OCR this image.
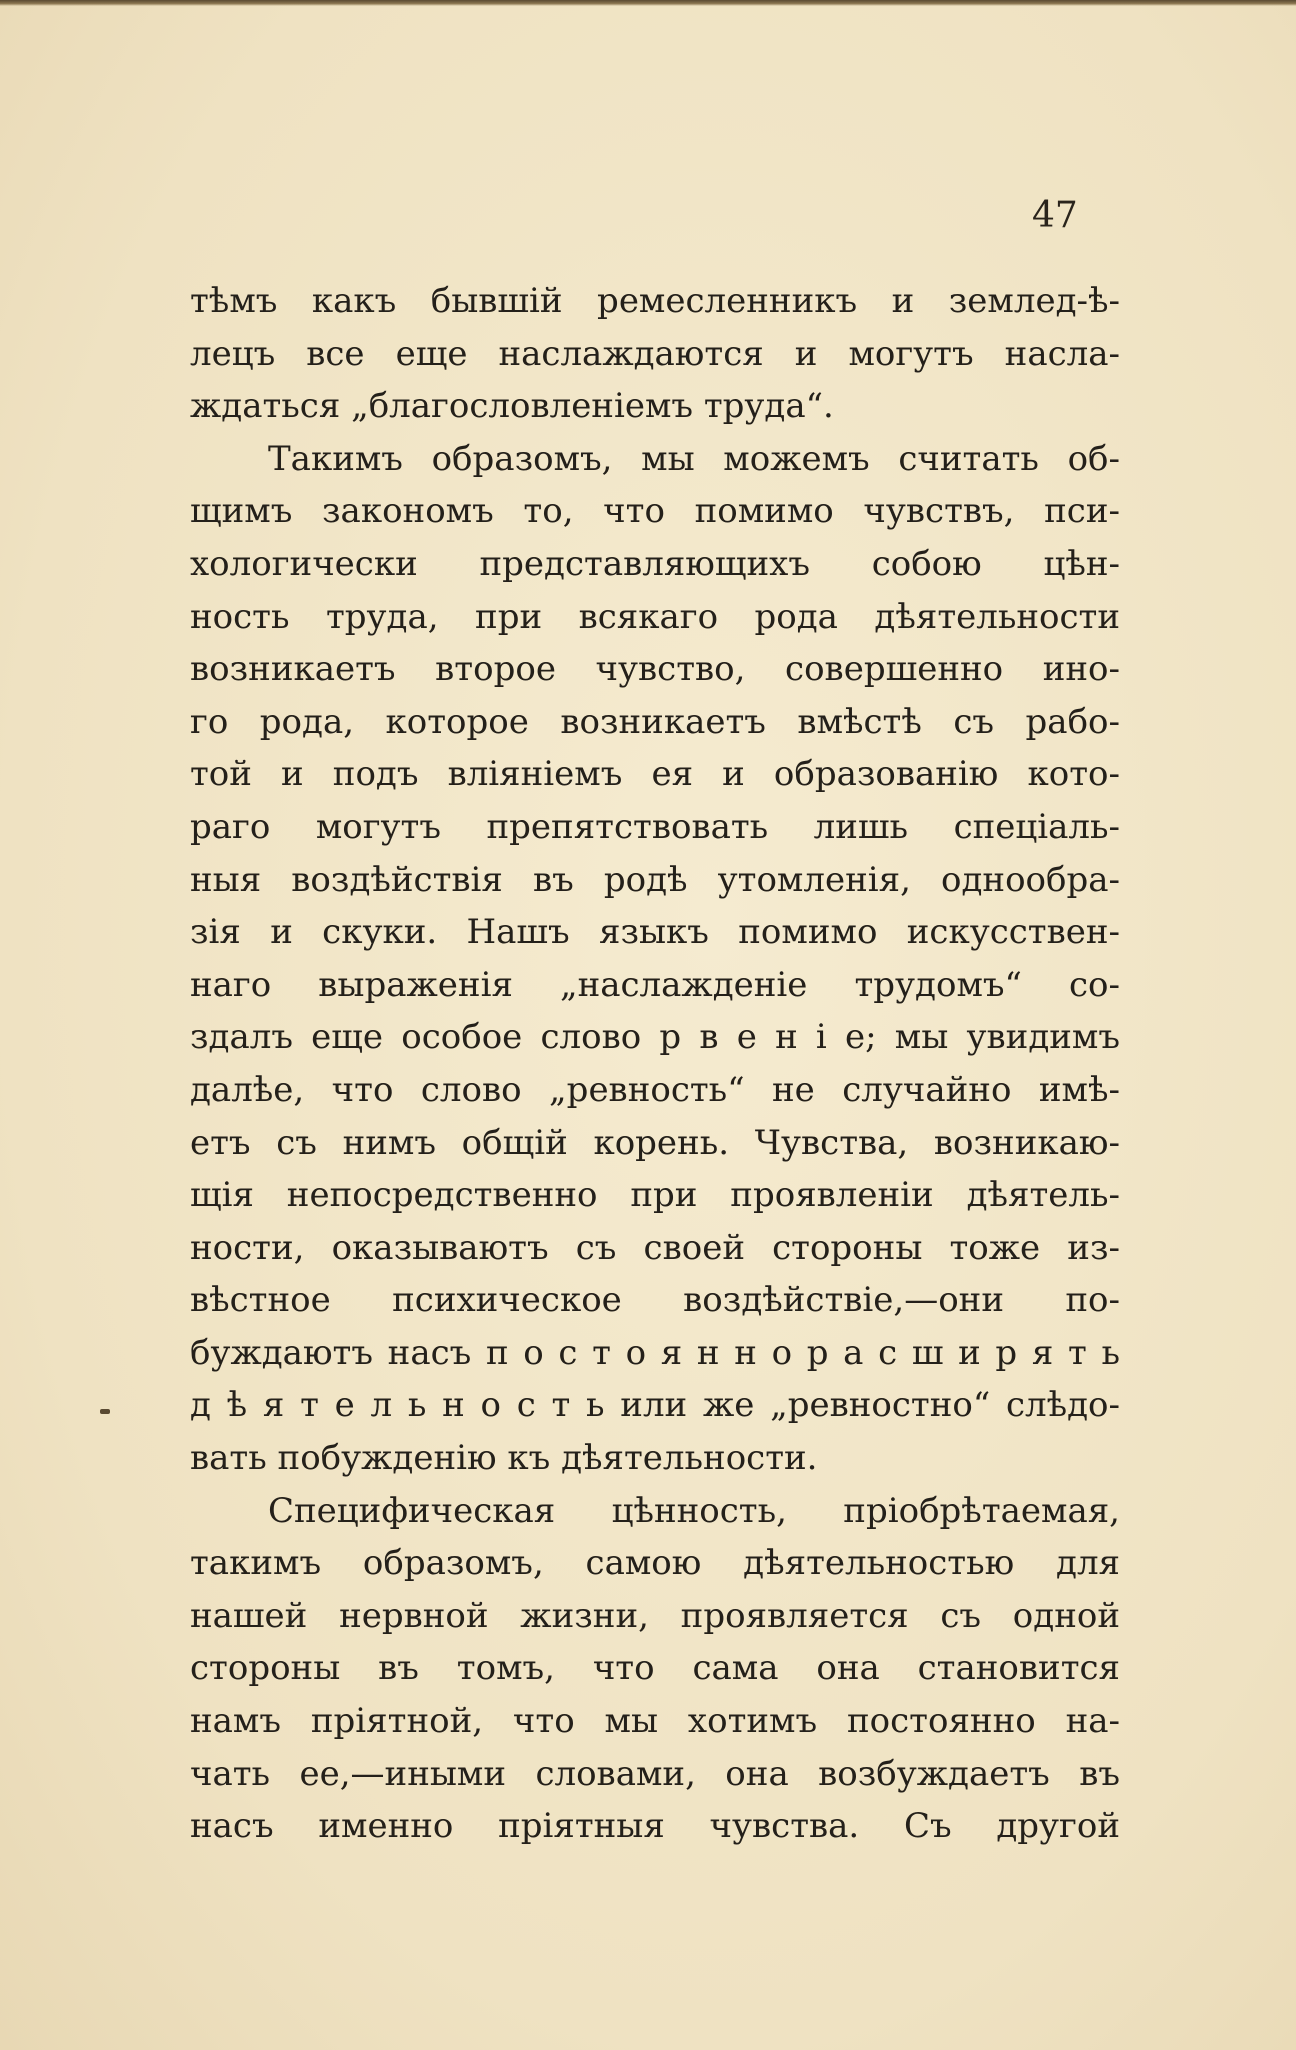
47
тѣмъ какъ бывшій ремесленникъ и землед-ѣ-
лецъ все еще наслаждаются и могутъ насла-
ждаться „благословленіемъ труда“.
Такимъ образомъ, мы можемъ считать об-
щимъ закономъ то, что помимо чувствъ, пси-
хологически представляющихъ собою цѣн-
ность труда, при всякаго рода дѣятельности
возникаетъ второе чувство, совершенно ино-
го рода, которое возникаетъ вмѣстѣ съ рабо-
той и подъ вліяніемъ ея и образованію кото-
раго могутъ препятствовать лишь спеціаль-
ныя воздѣйствія въ родѣ утомленія, однообра-
зія и скуки. Нашъ языкъ помимо искусствен-
наго выраженія „наслажденіе трудомъ“ со-
здалъ еще особое слово р в е н і е; мы увидимъ
далѣе, что слово „ревность“ не случайно имѣ-
етъ съ нимъ общій корень. Чувства, возникаю-
щія непосредственно при проявленіи дѣятель-
ности, оказываютъ съ своей стороны тоже из-
вѣстное психическое воздѣйствіе,—они по-
буждаютъ насъ п о с т о я н н о р а с ш и р я т ь
д ѣ я т е л ь н о с т ь или же „ревностно“ слѣдо-
вать побужденію къ дѣятельности.
Специфическая цѣнность, пріобрѣтаемая,
такимъ образомъ, самою дѣятельностью для
нашей нервной жизни, проявляется съ одной
стороны въ томъ, что сама она становится
намъ пріятной, что мы хотимъ постоянно на-
чать ее,—иными словами, она возбуждаетъ въ
насъ именно пріятныя чувства. Съ другой
